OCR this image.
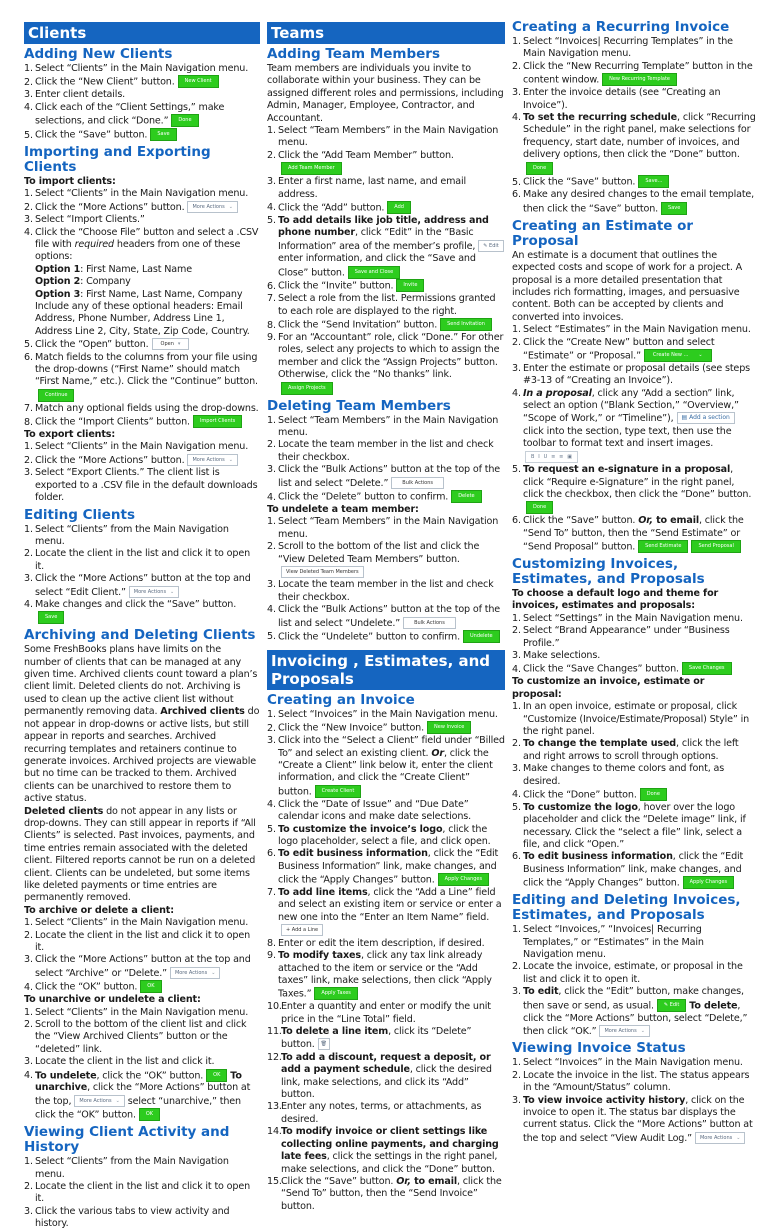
Clients
Adding New Clients
1. Select “Clients” in the Main Navigation menu.
2. Click the “New Client” button. New Client
3. Enter client details.
4. Click each of the “Client Settings,” make selections, and click “Done.” Done
5. Click the “Save” button. Save
Importing and Exporting Clients
To import clients:
1. Select “Clients” in the Main Navigation menu.
2. Click the “More Actions” button. More Actions ⌄
3. Select “Import Clients.”
4. Click the “Choose File” button and select a .CSV file with required headers from one of these options:
Option 1: First Name, Last Name
Option 2: Company
Option 3: First Name, Last Name, Company
Include any of these optional headers: Email Address, Phone Number, Address Line 1, Address Line 2, City, State, Zip Code, Country.
5. Click the “Open” button. Open ▾
6. Match fields to the columns from your file using the drop-downs (“First Name” should match “First Name,” etc.). Click the “Continue” button.Continue
7. Match any optional fields using the drop-downs.
8. Click the “Import Clients” button. Import Clients
To export clients:
1. Select “Clients” in the Main Navigation menu.
2. Click the “More Actions” button. More Actions ⌄
3. Select “Export Clients.” The client list is exported to a .CSV file in the default downloads folder.
Editing Clients
1. Select “Clients” from the Main Navigation menu.
2. Locate the client in the list and click it to open it.
3. Click the “More Actions” button at the top and select “Edit Client.” More Actions ⌄
4. Make changes and click the “Save” button.Save
Archiving and Deleting Clients
Some FreshBooks plans have limits on the number of clients that can be managed at any given time. Archived clients count toward a plan’s client limit. Deleted clients do not. Archiving is used to clean up the active client list without permanently removing data. Archived clients do not appear in drop-downs or active lists, but still appear in reports and searches. Archived recurring templates and retainers continue to generate invoices. Archived projects are viewable but no time can be tracked to them. Archived clients can be unarchived to restore them to active status.
Deleted clients do not appear in any lists or drop-downs. They can still appear in reports if “All Clients” is selected. Past invoices, payments, and time entries remain associated with the deleted client. Filtered reports cannot be run on a deleted client. Clients can be undeleted, but some items like deleted payments or time entries are permanently removed.
To archive or delete a client:
1. Select “Clients” in the Main Navigation menu.
2. Locate the client in the list and click it to open it.
3. Click the “More Actions” button at the top and select “Archive” or “Delete.” More Actions ⌄
4. Click the “OK” button. OK
To unarchive or undelete a client:
1. Select “Clients” in the Main Navigation menu.
2. Scroll to the bottom of the client list and click the “View Archived Clients” button or the “deleted” link.
3. Locate the client in the list and click it.
4. To undelete, click the “OK” button. OK To unarchive, click the “More Actions” button at the top, More Actions ⌄ select “unarchive,” then click the “OK” button. OK
Viewing Client Activity and History
1. Select “Clients” from the Main Navigation menu.
2. Locate the client in the list and click it to open it.
3. Click the various tabs to view activity and history.
Teams
Adding Team Members
Team members are individuals you invite to collaborate within your business. They can be assigned different roles and permissions, including Admin, Manager, Employee, Contractor, and Accountant.
1. Select “Team Members” in the Main Navigation menu.
2. Click the “Add Team Member” button.Add Team Member
3. Enter a first name, last name, and email address.
4. Click the “Add” button. Add
5. To add details like job title, address and phone number, click “Edit” in the “Basic Information” area of the member’s profile, ✎ Edit enter information, and click the “Save and Close” button. Save and Close
6. Click the “Invite” button. Invite
7. Select a role from the list. Permissions granted to each role are displayed to the right.
8. Click the “Send Invitation” button. Send Invitation
9. For an “Accountant” role, click “Done.” For other roles, select any projects to which to assign the member and click the “Assign Projects” button. Otherwise, click the “No thanks” link.Assign Projects
Deleting Team Members
1. Select “Team Members” in the Main Navigation menu.
2. Locate the team member in the list and check their checkbox.
3. Click the “Bulk Actions” button at the top of the list and select “Delete.”	Bulk Actions
4. Click the “Delete” button to confirm. Delete
To undelete a team member:
1. Select “Team Members” in the Main Navigation menu.
2. Scroll to the bottom of the list and click the “View Deleted Team Members” button.View Deleted Team Members
3. Locate the team member in the list and check their checkbox.
4. Click the “Bulk Actions” button at the top of the list and select “Undelete.”	Bulk Actions
5. Click the “Undelete” button to confirm. Undelete
Invoicing , Estimates, and Proposals
Creating an Invoice
1. Select “Invoices” in the Main Navigation menu.
2. Click the “New Invoice” button. New Invoice
3. Click into the “Select a Client” field under “Billed To” and select an existing client. Or, click the “Create a Client” link below it, enter the client information, and click the “Create Client” button. Create Client
4. Click the “Date of Issue” and “Due Date” calendar icons and make date selections.
5. To customize the invoice’s logo, click the logo placeholder, select a file, and click open.
6. To edit business information, click the “Edit Business Information” link, make changes, and click the “Apply Changes” button. Apply Changes
7. To add line items, click the “Add a Line” field and select an existing item or service or enter a new one into the “Enter an Item Name” field.+ Add a Line
8. Enter or edit the item description, if desired.
9. To modify taxes, click any tax link already attached to the item or service or the “Add taxes” link, make selections, then click “Apply Taxes.” Apply Taxes
10.Enter a quantity and enter or modify the unit price in the “Line Total” field.
11.To delete a line item, click its “Delete” button. 🗑
12.To add a discount, request a deposit, or add a payment schedule, click the desired link, make selections, and click its “Add” button.
13.Enter any notes, terms, or attachments, as desired.
14.To modify invoice or client settings like collecting online payments, and charging late fees, click the settings in the right panel, make selections, and click the “Done” button.
15.Click the “Save” button. Or, to email, click the “Send To” button, then the “Send Invoice” button.
Creating a Recurring Invoice
1. Select “Invoices| Recurring Templates” in the Main Navigation menu.
2. Click the “New Recurring Template” button in the content window. New Recurring Template
3. Enter the invoice details (see “Creating an Invoice”).
4. To set the recurring schedule, click “Recurring Schedule” in the right panel, make selections for frequency, start date, number of invoices, and delivery options, then click the “Done” button.Done
5. Click the “Save” button. Save...
6. Make any desired changes to the email template, then click the “Save” button. Save
Creating an Estimate or Proposal
An estimate is a document that outlines the expected costs and scope of work for a project. A proposal is a more detailed presentation that includes rich formatting, images, and persuasive content. Both can be accepted by clients and converted into invoices.
1. Select “Estimates” in the Main Navigation menu.
2. Click the “Create New” button and select “Estimate” or “Proposal.” Create New ... ⌄
3. Enter the estimate or proposal details (see steps #3-13 of “Creating an Invoice”).
4. In a proposal, click any “Add a section” link, select an option (“Blank Section,” “Overview,” “Scope of Work,” or “Timeline”), ▤ Add a section click into the section, type text, then use the toolbar to format text and insert images.B I U ≡ ≡ ▣
5. To request an e-signature in a proposal, click “Require e-Signature” in the right panel, click the checkbox, then click the “Done” button.Done
6. Click the “Save” button. Or, to email, click the “Send To” button, then the “Send Estimate” or “Send Proposal” button. Send Estimate	Send Proposal
Customizing Invoices, Estimates, and Proposals
To choose a default logo and theme for invoices, estimates and proposals:
1. Select “Settings” in the Main Navigation menu.
2. Select “Brand Appearance” under “Business Profile.”
3. Make selections.
4. Click the “Save Changes” button. Save Changes
To customize an invoice, estimate or proposal:
1. In an open invoice, estimate or proposal, click “Customize (Invoice/Estimate/Proposal) Style” in the right panel.
2. To change the template used, click the left and right arrows to scroll through options.
3. Make changes to theme colors and font, as desired.
4. Click the “Done” button. Done
5. To customize the logo, hover over the logo placeholder and click the “Delete image” link, if necessary. Click the “select a file” link, select a file, and click “Open.”
6. To edit business information, click the “Edit Business Information” link, make changes, and click the “Apply Changes” button. Apply Changes
Editing and Deleting Invoices, Estimates, and Proposals
1. Select “Invoices,” “Invoices| Recurring Templates,” or “Estimates” in the Main Navigation menu.
2. Locate the invoice, estimate, or proposal in the list and click it to open it.
3. To edit, click the “Edit” button, make changes, then save or send, as usual. ✎ Edit To delete, click the “More Actions” button, select “Delete,” then click “OK.” More Actions ⌄
Viewing Invoice Status
1. Select “Invoices” in the Main Navigation menu.
2. Locate the invoice in the list. The status appears in the “Amount/Status” column.
3. To view invoice activity history, click on the invoice to open it. The status bar displays the current status. Click the “More Actions” button at the top and select “View Audit Log.” More Actions ⌄
